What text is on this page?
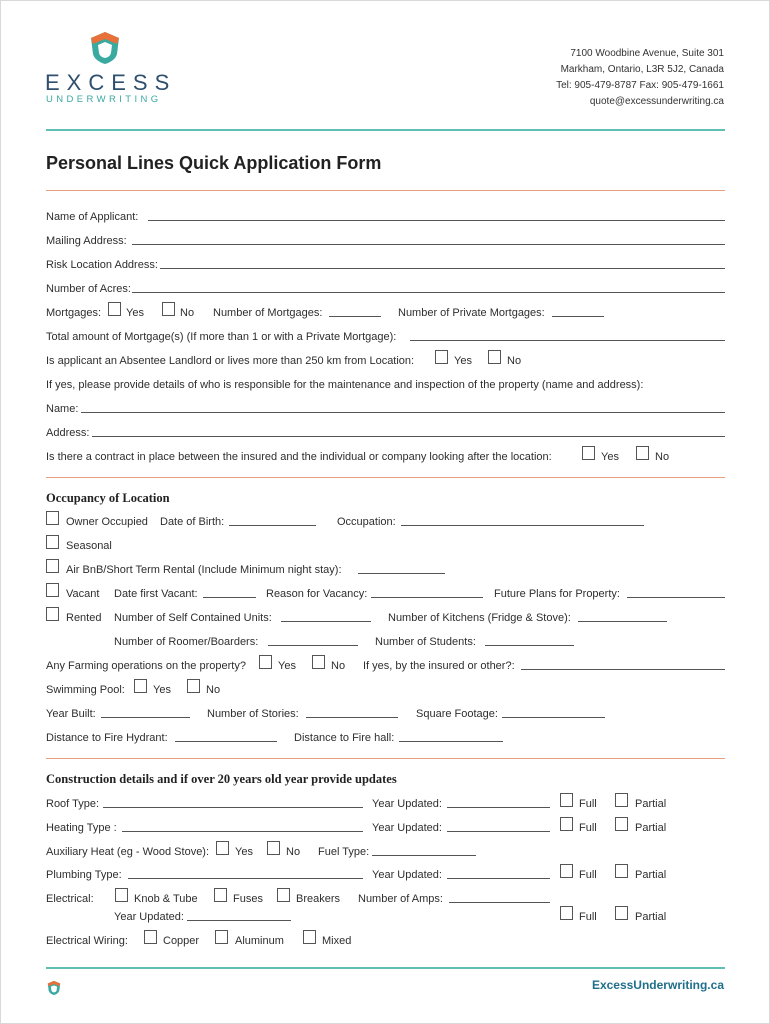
EXCESS
UNDERWRITING
7100 Woodbine Avenue, Suite 301
Markham, Ontario, L3R 5J2, Canada
Tel: 905-479-8787 Fax: 905-479-1661
quote@excessunderwriting.ca
Personal Lines Quick Application Form
Name of Applicant:
Mailing Address:
Risk Location Address:
Number of Acres:
Mortgages: Yes	No Number of Mortgages:	Number of Private Mortgages:
Total amount of Mortgage(s) (If more than 1 or with a Private Mortgage):
Is applicant an Absentee Landlord or lives more than 250 km from Location:	Yes	No
If yes, please provide details of who is responsible for the maintenance and inspection of the property (name and address):
Name:
Address:
Is there a contract in place between the insured and the individual or company looking after the location:	Yes	No
Occupancy of Location
Owner Occupied Date of Birth:	Occupation:
Seasonal
Air BnB/Short Term Rental (Include Minimum night stay):
Vacant Date first Vacant:	Reason for Vacancy:	Future Plans for Property:
Rented Number of Self Contained Units:	Number of Kitchens (Fridge & Stove):
Number of Roomer/Boarders:	Number of Students:
Any Farming operations on the property?	Yes	No If yes, by the insured or other?:
Swimming Pool:	Yes	No
Year Built:	Number of Stories:	Square Footage:
Distance to Fire Hydrant:	Distance to Fire hall:
Construction details and if over 20 years old year provide updates
Roof Type:	Year Updated:	Full	Partial
Heating Type :	Year Updated:	Full	Partial
Auxiliary Heat (eg - Wood Stove): Yes	No Fuel Type:
Plumbing Type:	Year Updated:	Full	Partial
Electrical:	Knob & Tube	Fuses	Breakers Number of Amps:
Year Updated:	Full	Partial
Electrical Wiring:	Copper	Aluminum	Mixed
ExcessUnderwriting.ca
